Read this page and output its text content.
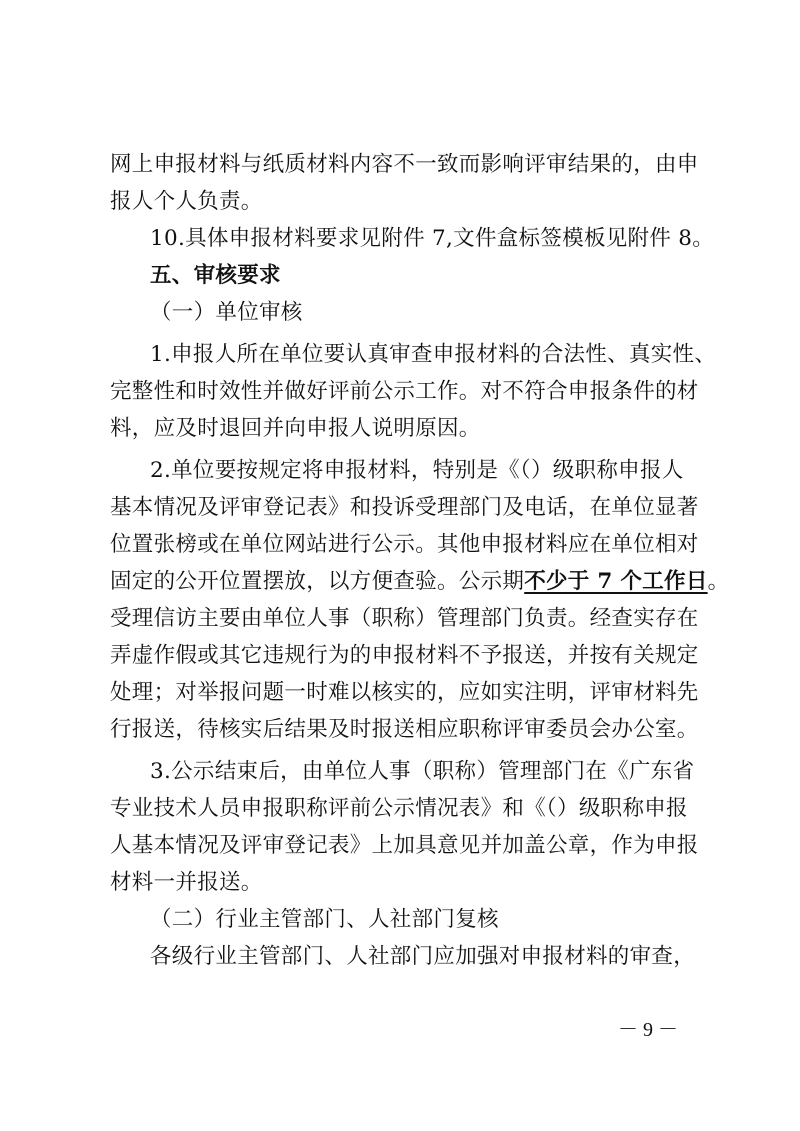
网上申报材料与纸质材料内容不一致而影响评审结果的，由申
报人个人负责。
10.具体申报材料要求见附件 7,文件盒标签模板见附件 8。
五、审核要求
（一）单位审核
1.申报人所在单位要认真审查申报材料的合法性、真实性、
完整性和时效性并做好评前公示工作。对不符合申报条件的材
料，应及时退回并向申报人说明原因。
2.单位要按规定将申报材料，特别是《（）级职称申报人
基本情况及评审登记表》和投诉受理部门及电话，在单位显著
位置张榜或在单位网站进行公示。其他申报材料应在单位相对
固定的公开位置摆放，以方便查验。公示期不少于 7 个工作日。
受理信访主要由单位人事（职称）管理部门负责。经查实存在
弄虚作假或其它违规行为的申报材料不予报送，并按有关规定
处理；对举报问题一时难以核实的，应如实注明，评审材料先
行报送，待核实后结果及时报送相应职称评审委员会办公室。
3.公示结束后，由单位人事（职称）管理部门在《广东省
专业技术人员申报职称评前公示情况表》和《（）级职称申报
人基本情况及评审登记表》上加具意见并加盖公章，作为申报
材料一并报送。
（二）行业主管部门、人社部门复核
各级行业主管部门、人社部门应加强对申报材料的审查，
－ 9 －
